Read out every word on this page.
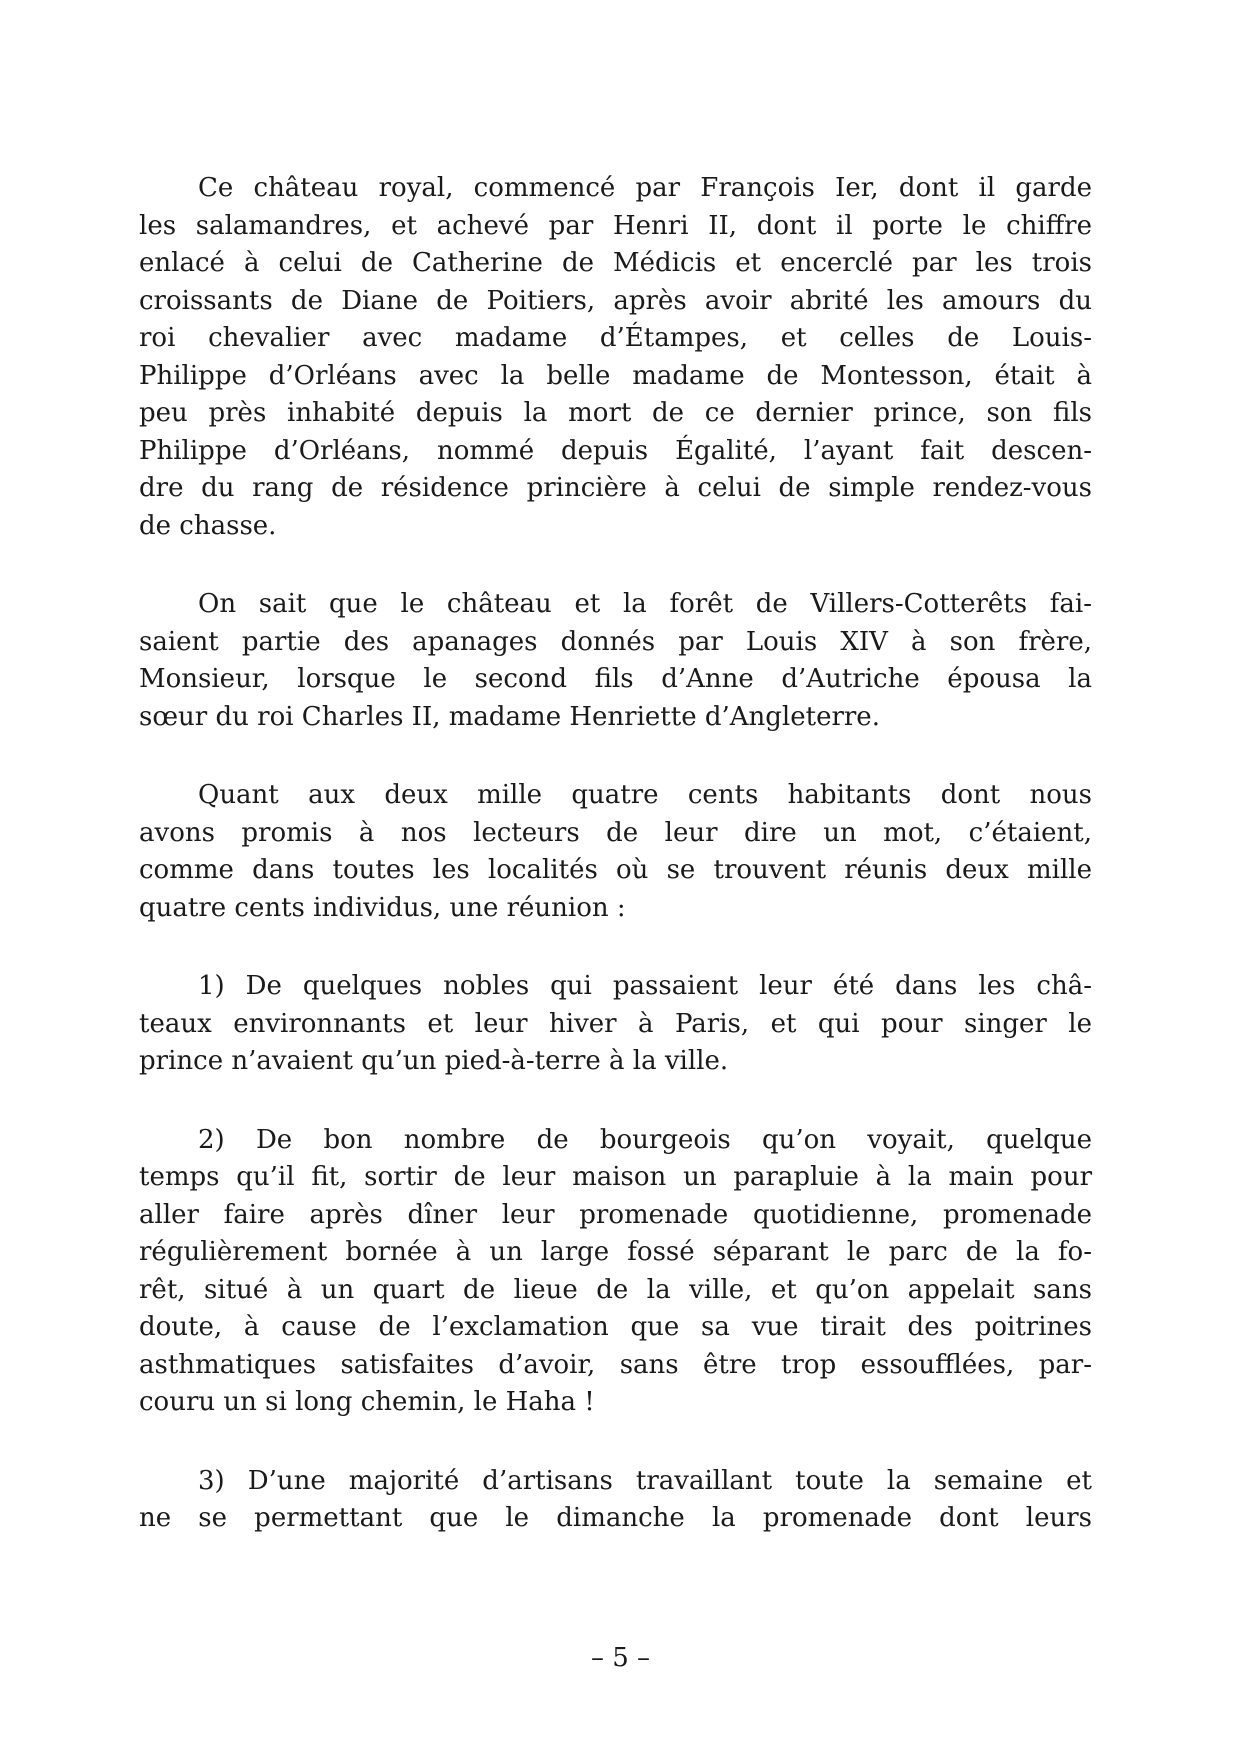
Ce château royal, commencé par François Ier, dont il garde
les salamandres, et achevé par Henri II, dont il porte le chiffre
enlacé à celui de Catherine de Médicis et encerclé par les trois
croissants de Diane de Poitiers, après avoir abrité les amours du
roi chevalier avec madame d’Étampes, et celles de Louis-
Philippe d’Orléans avec la belle madame de Montesson, était à
peu près inhabité depuis la mort de ce dernier prince, son fils
Philippe d’Orléans, nommé depuis Égalité, l’ayant fait descen-
dre du rang de résidence princière à celui de simple rendez-vous
de chasse.

On sait que le château et la forêt de Villers-Cotterêts fai-
saient partie des apanages donnés par Louis XIV à son frère,
Monsieur, lorsque le second fils d’Anne d’Autriche épousa la
sœur du roi Charles II, madame Henriette d’Angleterre.

Quant aux deux mille quatre cents habitants dont nous
avons promis à nos lecteurs de leur dire un mot, c’étaient,
comme dans toutes les localités où se trouvent réunis deux mille
quatre cents individus, une réunion :

1) De quelques nobles qui passaient leur été dans les châ-
teaux environnants et leur hiver à Paris, et qui pour singer le
prince n’avaient qu’un pied-à-terre à la ville.

2) De bon nombre de bourgeois qu’on voyait, quelque
temps qu’il fit, sortir de leur maison un parapluie à la main pour
aller faire après dîner leur promenade quotidienne, promenade
régulièrement bornée à un large fossé séparant le parc de la fo-
rêt, situé à un quart de lieue de la ville, et qu’on appelait sans
doute, à cause de l’exclamation que sa vue tirait des poitrines
asthmatiques satisfaites d’avoir, sans être trop essoufflées, par-
couru un si long chemin, le Haha !

3) D’une majorité d’artisans travaillant toute la semaine et
ne se permettant que le dimanche la promenade dont leurs

– 5 –
